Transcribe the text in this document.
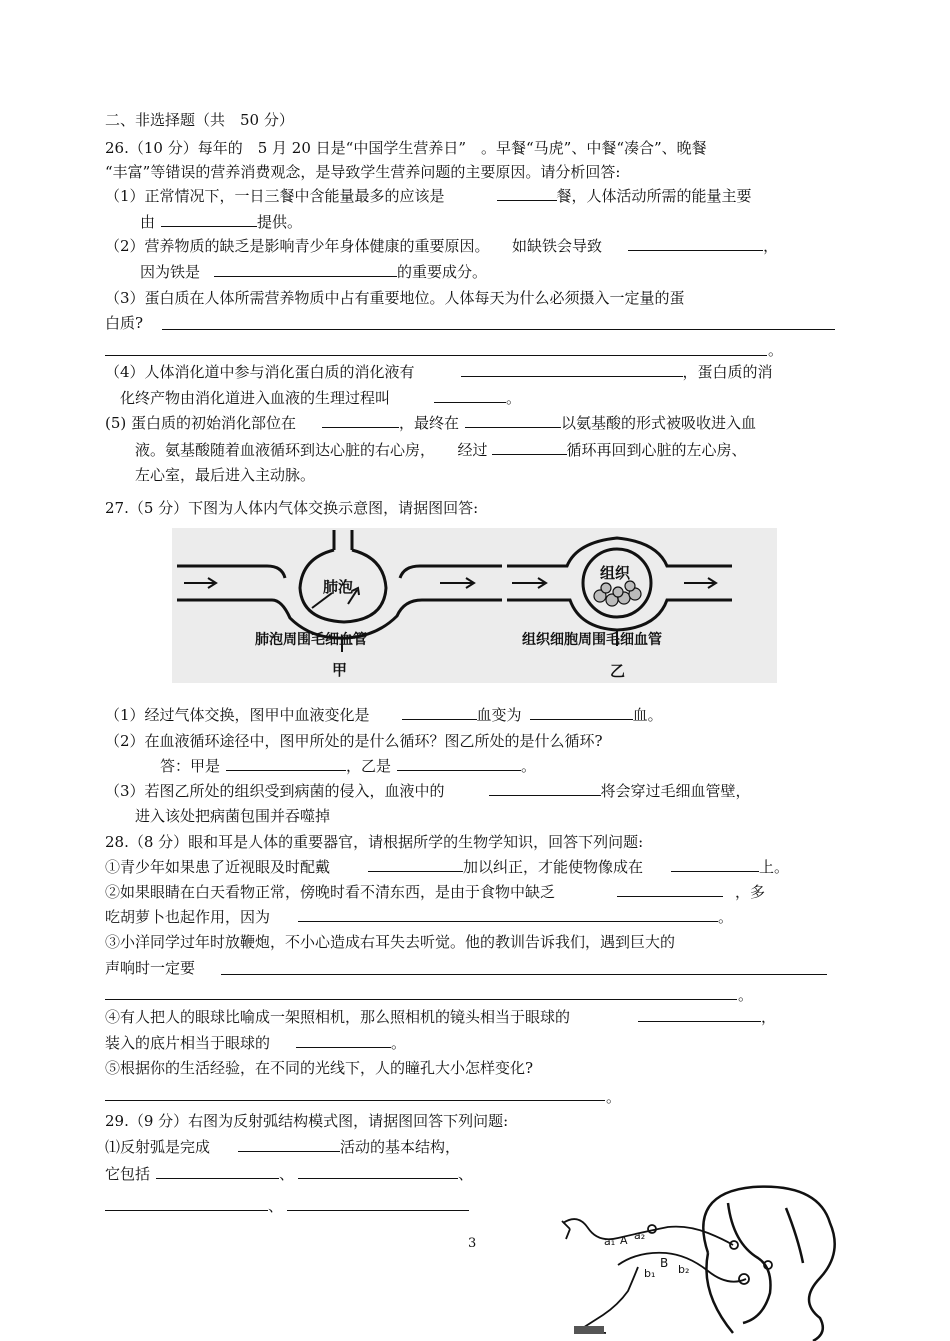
二、非选择题（共　50 分）
26.（10 分）每年的　5 月 20 日是“中国学生营养日”　。早餐“马虎”、中餐“凑合”、晚餐
“丰富”等错误的营养消费观念，是导致学生营养问题的主要原因。请分析回答:
（1）正常情况下，一日三餐中含能量最多的应该是	餐，人体活动所需的能量主要
由	提供。
（2）营养物质的缺乏是影响青少年身体健康的重要原因。　　如缺铁会导致	，
因为铁是	的重要成分。
（3）蛋白质在人体所需营养物质中占有重要地位。人体每天为什么必须摄入一定量的蛋
白质?
。
（4）人体消化道中参与消化蛋白质的消化液有	，蛋白质的消
化终产物由消化道进入血液的生理过程叫	。
(5) 蛋白质的初始消化部位在	，最终在	以氨基酸的形式被吸收进入血
液。氨基酸随着血液循环到达心脏的右心房，　　经过	循环再回到心脏的左心房、
左心室，最后进入主动脉。
27.（5 分）下图为人体内气体交换示意图，请据图回答:
肺泡
肺泡周围毛细血管
甲
组织
组织细胞周围毛细血管
乙
（1）经过气体交换，图甲中血液变化是	血变为	血。
（2）在血液循环途径中，图甲所处的是什么循环？图乙所处的是什么循环?
答：甲是	，乙是	。
（3）若图乙所处的组织受到病菌的侵入，血液中的	将会穿过毛细血管壁，
进入该处把病菌包围并吞噬掉
28.（8 分）眼和耳是人体的重要器官，请根据所学的生物学知识，回答下列问题:
①青少年如果患了近视眼及时配戴	加以纠正，才能使物像成在	上。
②如果眼睛在白天看物正常，傍晚时看不清东西，是由于食物中缺乏	，多
吃胡萝卜也起作用，因为	。
③小洋同学过年时放鞭炮，不小心造成右耳失去听觉。他的教训告诉我们，遇到巨大的
声响时一定要
。
④有人把人的眼球比喻成一架照相机，那么照相机的镜头相当于眼球的	，
装入的底片相当于眼球的	。
⑤根据你的生活经验，在不同的光线下，人的瞳孔大小怎样变化?
。
29.（9 分）右图为反射弧结构模式图，请据图回答下列问题:
⑴反射弧是完成	活动的基本结构，
它包括	、	、
、
a₁ A a₂
b₁
B b₂
3
